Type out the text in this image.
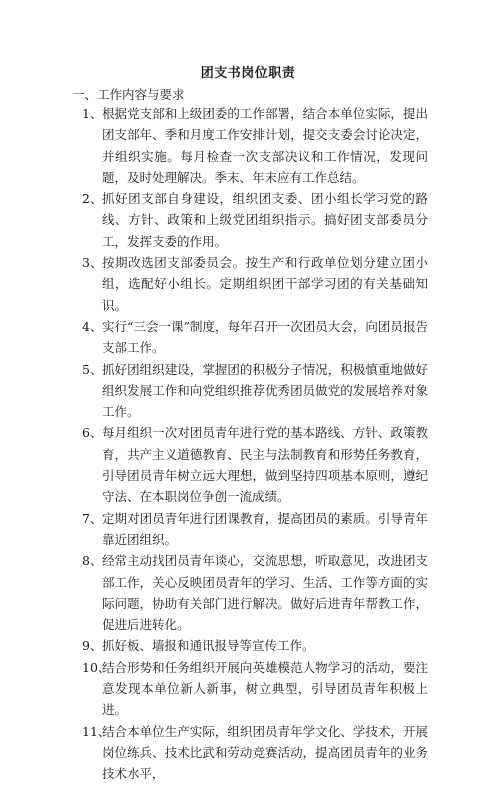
团支书岗位职责
一、工作内容与要求
1、 根据党支部和上级团委的工作部署，结合本单位实际，提出团支部年、季和月度工作安排计划，提交支委会讨论决定，并组织实施。每月检查一次支部决议和工作情况，发现问题，及时处理解决。季末、年末应有工作总结。
2、 抓好团支部自身建设，组织团支委、团小组长学习党的路线、方针、政策和上级党团组织指示。搞好团支部委员分工，发挥支委的作用。
3、 按期改选团支部委员会。按生产和行政单位划分建立团小组，选配好小组长。定期组织团干部学习团的有关基础知识。
4、 实行“三会一课”制度，每年召开一次团员大会，向团员报告支部工作。
5、 抓好团组织建设，掌握团的积极分子情况，积极慎重地做好组织发展工作和向党组织推荐优秀团员做党的发展培养对象工作。
6、 每月组织一次对团员青年进行党的基本路线、方针、政策教育，共产主义道德教育、民主与法制教育和形势任务教育，引导团员青年树立远大理想，做到坚持四项基本原则，遵纪守法、在本职岗位争创一流成绩。
7、 定期对团员青年进行团课教育，提高团员的素质。引导青年靠近团组织。
8、 经常主动找团员青年谈心，交流思想，听取意见，改进团支部工作，关心反映团员青年的学习、生活、工作等方面的实际问题，协助有关部门进行解决。做好后进青年帮教工作，促进后进转化。
9、 抓好板、墙报和通讯报导等宣传工作。
10、
结合形势和任务组织开展向英雄模范人物学习的活动，要注意发现本单位新人新事，树立典型，引导团员青年积极上进。
11、
结合本单位生产实际，组织团员青年学文化、学技术，开展岗位练兵、技术比武和劳动竞赛活动，提高团员青年的业务技术水平，
